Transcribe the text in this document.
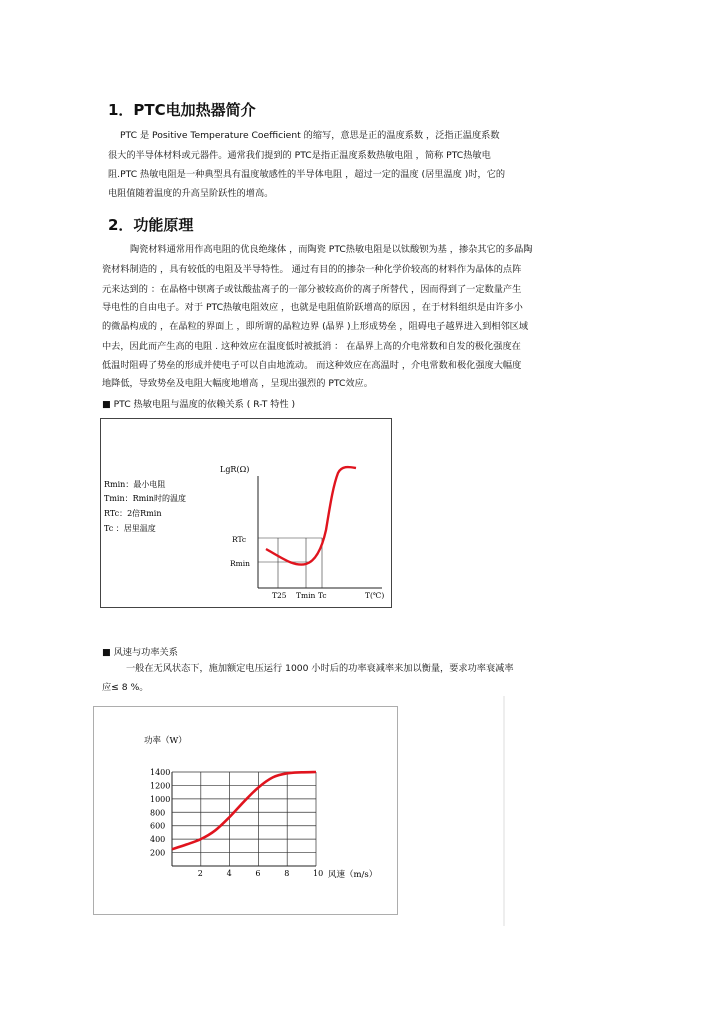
1．PTC电加热器简介
PTC 是 Positive Temperature Coefficient 的缩写，意思是正的温度系数 ，泛指正温度系数
很大的半导体材料或元器件。通常我们提到的 PTC是指正温度系数热敏电阻 ，简称 PTC热敏电
阻.PTC 热敏电阻是一种典型具有温度敏感性的半导体电阻 ，超过一定的温度 (居里温度 )时，它的
电阻值随着温度的升高呈阶跃性的增高。
2．功能原理
陶瓷材料通常用作高电阻的优良绝缘体 ，而陶瓷 PTC热敏电阻是以钛酸钡为基 ，掺杂其它的多晶陶
瓷材料制造的 ，具有较低的电阻及半导特性。 通过有目的的掺杂一种化学价较高的材料作为晶体的点阵
元来达到的 ：在晶格中钡离子或钛酸盐离子的一部分被较高价的离子所替代 ，因而得到了一定数量产生
导电性的自由电子。对于 PTC热敏电阻效应 ，也就是电阻值阶跃增高的原因 ，在于材料组织是由许多小
的微晶构成的 ，在晶粒的界面上 ，即所谓的晶粒边界 (晶界 )上形成势垒 ，阻碍电子越界进入到相邻区域
中去，因此而产生高的电阻 . 这种效应在温度低时被抵消 ： 在晶界上高的介电常数和自发的极化强度在
低温时阻碍了势垒的形成并使电子可以自由地流动。 而这种效应在高温时 ，介电常数和极化强度大幅度
地降低，导致势垒及电阻大幅度地增高 ，呈现出强烈的 PTC效应。
■ PTC 热敏电阻与温度的依赖关系 ( R-T 特性 )
Rmin：最小电阻
Tmin：Rmin时的温度
RTc：2倍Rmin
Tc ：居里温度
LgR(Ω)
T(℃)
RTc
Rmin
T25 Tmin Tc
■ 风速与功率关系
一般在无风状态下，施加额定电压运行 1000 小时后的功率衰减率来加以衡量，要求功率衰减率
应≤ 8 %。
功率（W）
风速（m/s）
2	4	6	8	10
200
400
600
800
1000
1200
1400
